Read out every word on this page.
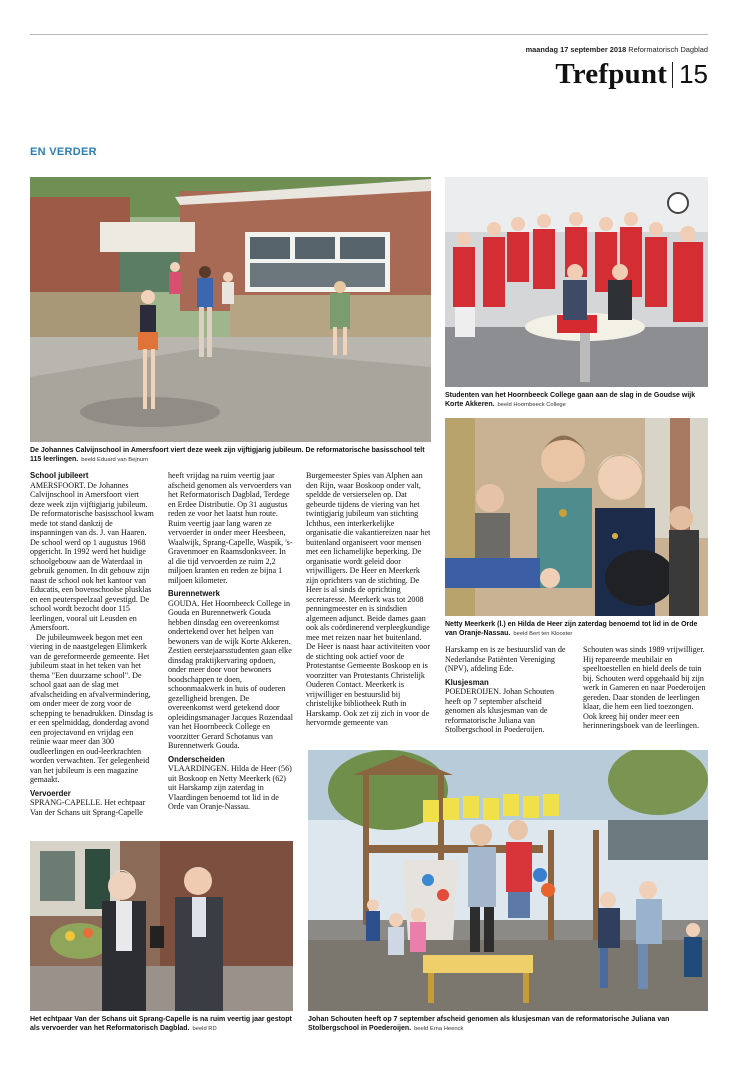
maandag 17 september 2018 Reformatorisch Dagblad
Trefpunt 15
EN VERDER
De Johannes Calvijnschool in Amersfoort viert deze week zijn vijftigjarig jubileum. De reformatorische basisschool telt 115 leerlingen. beeld Eduard van Bejnum
Studenten van het Hoornbeeck College gaan aan de slag in de Goudse wijk Korte Akkeren. beeld Hoornbeeck College
Netty Meerkerk (l.) en Hilda de Heer zijn zaterdag benoemd tot lid in de Orde van Oranje-Nassau. beeld Bert ten Klooster
Het echtpaar Van der Schans uit Sprang-Capelle is na ruim veertig jaar gestopt als vervoerder van het Reformatorisch Dagblad. beeld RD
Johan Schouten heeft op 7 september afscheid genomen als klusjesman van de reformatorische Juliana van Stolbergschool in Poederoijen. beeld Erna Heenck

School jubileert

AMERSFOORT. De Johannes Calvijnschool in Amersfoort viert deze week zijn vijftigjarig jubileum. De reformatorische basisschool kwam mede tot stand dankzij de inspanningen van ds. J. van Haaren. De school werd op 1 augustus 1968 opgericht. In 1992 werd het huidige schoolgebouw aan de Waterdaal in gebruik genomen. In dit gebouw zijn naast de school ook het kantoor van Educatis, een bovenschoolse plusklas en een peuterspeelzaal gevestigd. De school wordt bezocht door 115 leerlingen, vooral uit Leusden en Amersfoort.

De jubileumweek begon met een viering in de naastgelegen Elimkerk van de gereformeerde gemeente. Het jubileum staat in het teken van het thema "Een duurzame school". De school gaat aan de slag met afvalscheiding en afvalvermindering, om onder meer de zorg voor de schepping te benadrukken. Dinsdag is er een spelmiddag, donderdag avond een projectavond en vrijdag een reünie waar meer dan 300 oudleerlingen en oud-leerkrachten worden verwachten. Ter gelegenheid van het jubileum is een magazine gemaakt.

Vervoerder

SPRANG-CAPELLE. Het echtpaar Van der Schans uit Sprang-Capelle

heeft vrijdag na ruim veertig jaar afscheid genomen als vervoerders van het Reformatorisch Dagblad, Terdege en Erdee Distributie. Op 31 augustus reden ze voor het laatst hun route. Ruim veertig jaar lang waren ze vervoerder in onder meer Heesbeen, Waalwijk, Sprang-Capelle, Waspik, 's-Gravenmoer en Raamsdonksveer. In al die tijd vervoerden ze ruim 2,2 miljoen kranten en reden ze bijna 1 miljoen kilometer.

Burennetwerk

GOUDA. Het Hoornbeeck College in Gouda en Burennetwerk Gouda hebben dinsdag een overeenkomst ondertekend over het helpen van bewoners van de wijk Korte Akkeren. Zestien eerstejaarsstudenten gaan elke dinsdag praktijkervaring opdoen, onder meer door voor bewoners boodschappen te doen, schoonmaakwerk in huis of ouderen gezelligheid brengen. De overeenkomst werd getekend door opleidingsmanager Jacques Rozendaal van het Hoornbeeck College en voorzitter Gerard Schotanus van Burennetwerk Gouda.

Onderscheiden

VLAARDINGEN. Hilda de Heer (56) uit Boskoop en Netty Meerkerk (62) uit Harskamp zijn zaterdag in Vlaardingen benoemd tot lid in de Orde van Oranje-Nassau.

Burgemeester Spies van Alphen aan den Rijn, waar Boskoop onder valt, speldde de versierselen op. Dat gebeurde tijdens de viering van het twintigjarig jubileum van stichting Ichthus, een interkerkelijke organisatie die vakantiereizen naar het buitenland organiseert voor mensen met een lichamelijke beperking. De organisatie wordt geleid door vrijwilligers. De Heer en Meerkerk zijn oprichters van de stichting. De Heer is al sinds de oprichting secretaresse. Meerkerk was tot 2008 penningmeester en is sindsdien algemeen adjunct. Beide dames gaan ook als coördinerend verpleegkundige mee met reizen naar het buitenland. De Heer is naast haar activiteiten voor de stichting ook actief voor de Protestantse Gemeente Boskoop en is voorzitter van Protestants Christelijk Ouderen Contact. Meerkerk is vrijwilliger en bestuurslid bij christelijke bibliotheek Ruth in Harskamp. Ook zet zij zich in voor de hervormde gemeente van

Harskamp en is ze bestuurslid van de Nederlandse Patiënten Vereniging (NPV), afdeling Ede.

Klusjesman

POEDEROIJEN. Johan Schouten heeft op 7 september afscheid genomen als klusjesman van de reformatorische Juliana van Stolbergschool in Poederoijen.

Schouten was sinds 1989 vrijwilliger. Hij repareerde meubilair en speeltoestellen en hield deels de tuin bij. Schouten werd opgehaald bij zijn werk in Gameren en naar Poederoijen gereden. Daar stonden de leerlingen klaar, die hem een lied toezongen. Ook kreeg hij onder meer een herinneringsboek van de leerlingen.
